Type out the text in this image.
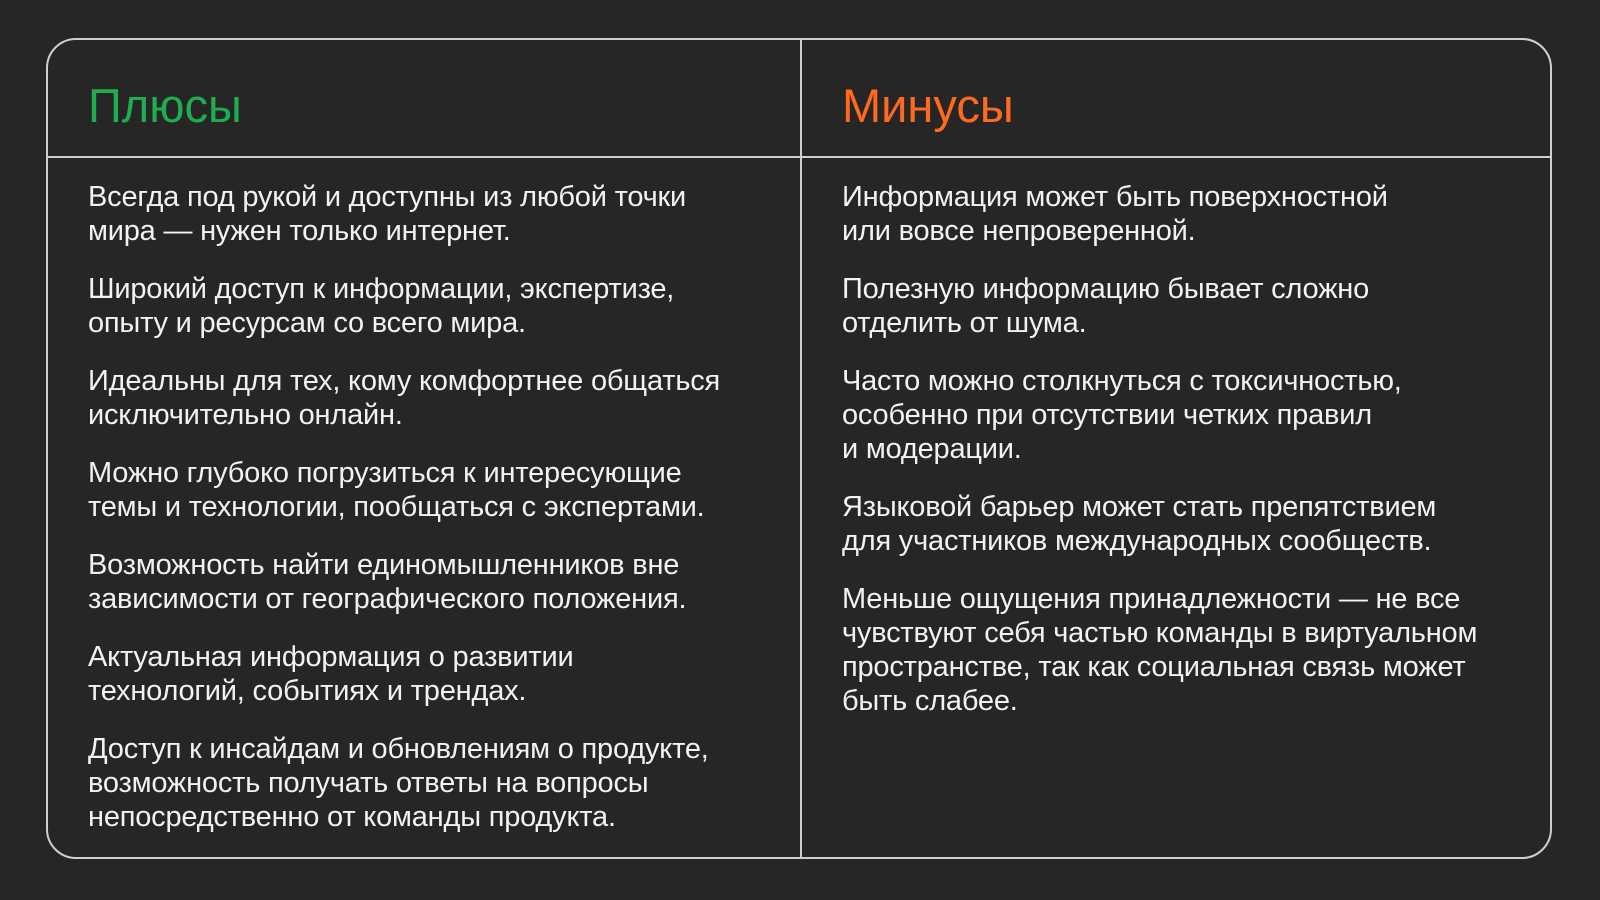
Плюсы
Всегда под рукой и доступны из любой точки
мира — нужен только интернет.
Широкий доступ к информации, экспертизе,
опыту и ресурсам со всего мира.
Идеальны для тех, кому комфортнее общаться
исключительно онлайн.
Можно глубоко погрузиться к интересующие
темы и технологии, пообщаться с экспертами.
Возможность найти единомышленников вне
зависимости от географического положения.
Актуальная информация о развитии
технологий, событиях и трендах.
Доступ к инсайдам и обновлениям о продукте,
возможность получать ответы на вопросы
непосредственно от команды продукта.
Минусы
Информация может быть поверхностной
или вовсе непроверенной.
Полезную информацию бывает сложно
отделить от шума.
Часто можно столкнуться с токсичностью,
особенно при отсутствии четких правил
и модерации.
Языковой барьер может стать препятствием
для участников международных сообществ.
Меньше ощущения принадлежности — не все
чувствуют себя частью команды в виртуальном
пространстве, так как социальная связь может
быть слабее.
